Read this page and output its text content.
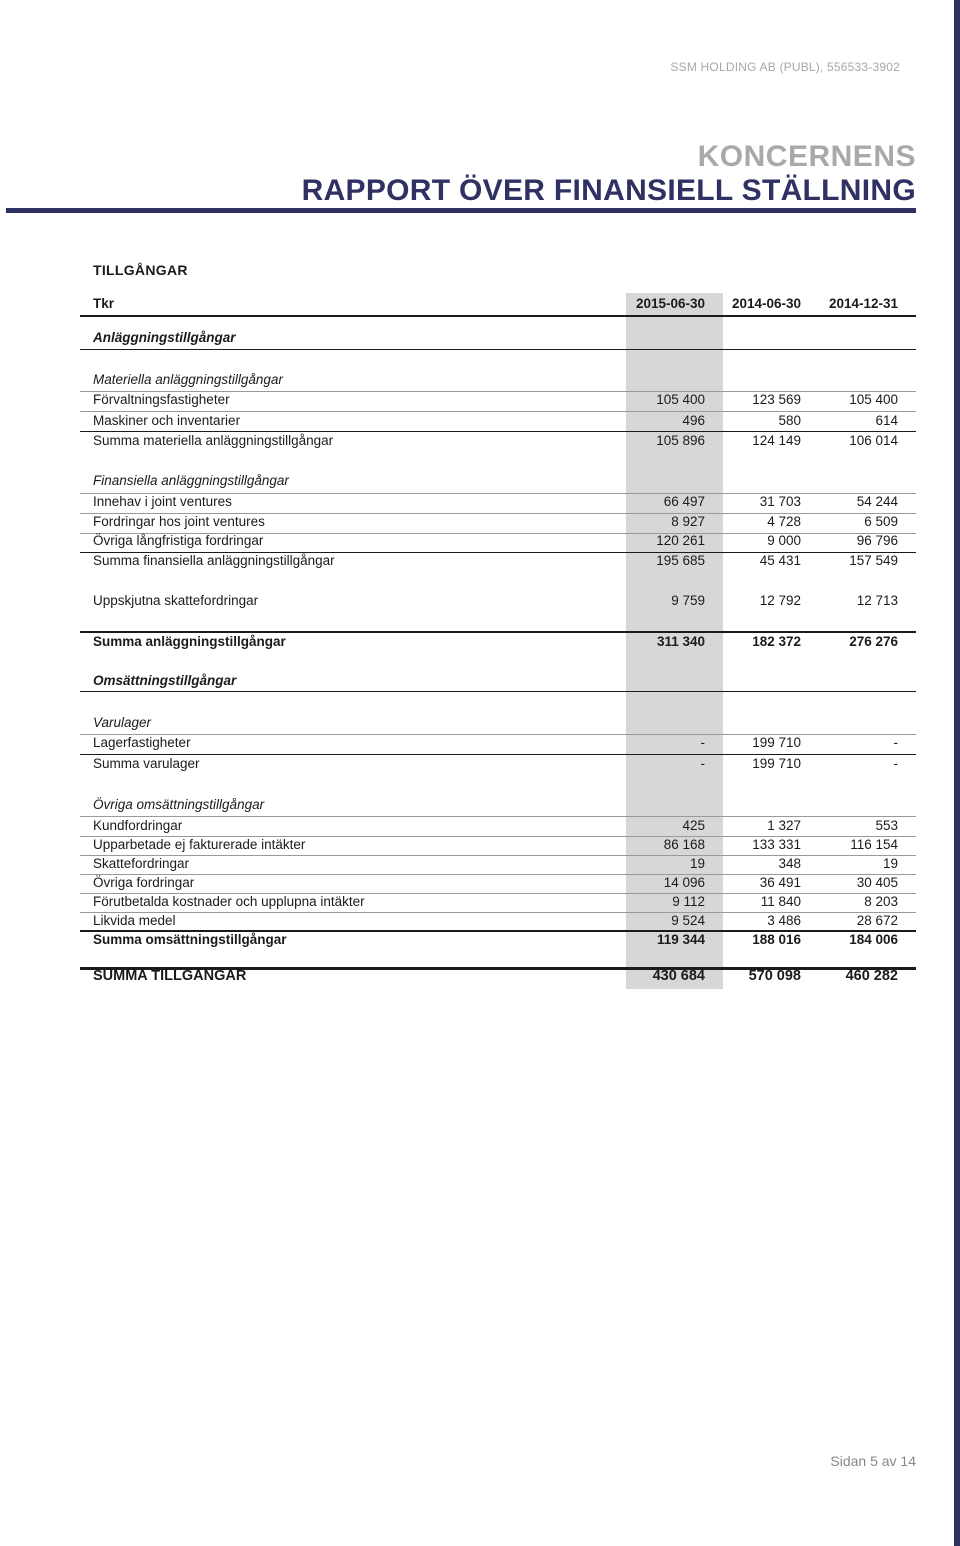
SSM HOLDING AB (PUBL), 556533-3902
KONCERNENS
RAPPORT ÖVER FINANSIELL STÄLLNING
TILLGÅNGAR
Tkr	2015-06-30 2014-06-30 2014-12-31
Anläggningstillgångar
Materiella anläggningstillgångar
Förvaltningsfastigheter	105 400	123 569	105 400
Maskiner och inventarier	496	580	614
Summa materiella anläggningstillgångar	105 896	124 149	106 014
Finansiella anläggningstillgångar
Innehav i joint ventures	66 497	31 703	54 244
Fordringar hos joint ventures	8 927	4 728	6 509
Övriga långfristiga fordringar	120 261	9 000	96 796
Summa finansiella anläggningstillgångar	195 685	45 431	157 549
Uppskjutna skattefordringar	9 759	12 792	12 713
Summa anläggningstillgångar	311 340	182 372	276 276
Omsättningstillgångar
Varulager
Lagerfastigheter	-	199 710	-
Summa varulager	-	199 710	-
Övriga omsättningstillgångar
Kundfordringar	425	1 327	553
Upparbetade ej fakturerade intäkter	86 168	133 331	116 154
Skattefordringar	19	348	19
Övriga fordringar	14 096	36 491	30 405
Förutbetalda kostnader och upplupna intäkter	9 112	11 840	8 203
Likvida medel	9 524	3 486	28 672
Summa omsättningstillgångar	119 344	188 016	184 006
SUMMA TILLGÅNGAR	430 684	570 098	460 282
Sidan 5 av 14
